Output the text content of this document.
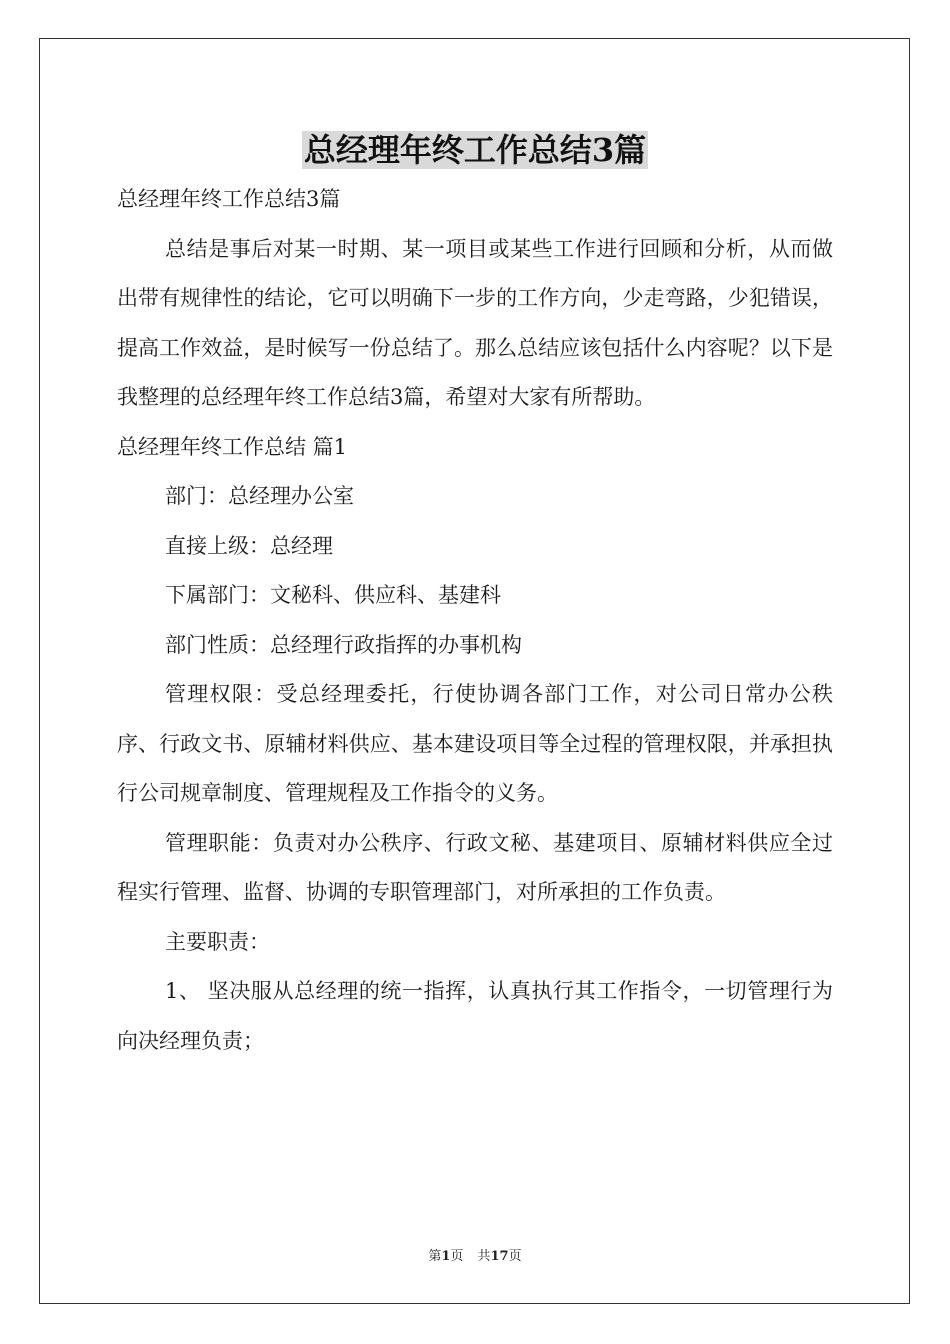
总经理年终工作总结3篇

总经理年终工作总结3篇

总结是事后对某一时期、某一项目或某些工作进行回顾和分析，从而做出带有规律性的结论，它可以明确下一步的工作方向，少走弯路，少犯错误，提高工作效益，是时候写一份总结了。那么总结应该包括什么内容呢？以下是我整理的总经理年终工作总结3篇，希望对大家有所帮助。

总经理年终工作总结 篇1

部门：总经理办公室

直接上级：总经理

下属部门：文秘科、供应科、基建科

部门性质：总经理行政指挥的办事机构

管理权限：受总经理委托，行使协调各部门工作，对公司日常办公秩序、行政文书、原辅材料供应、基本建设项目等全过程的管理权限，并承担执行公司规章制度、管理规程及工作指令的义务。

管理职能：负责对办公秩序、行政文秘、基建项目、原辅材料供应全过程实行管理、监督、协调的专职管理部门，对所承担的工作负责。

主要职责：

1、 坚决服从总经理的统一指挥，认真执行其工作指令，一切管理行为向决经理负责；

第1页 共17页
